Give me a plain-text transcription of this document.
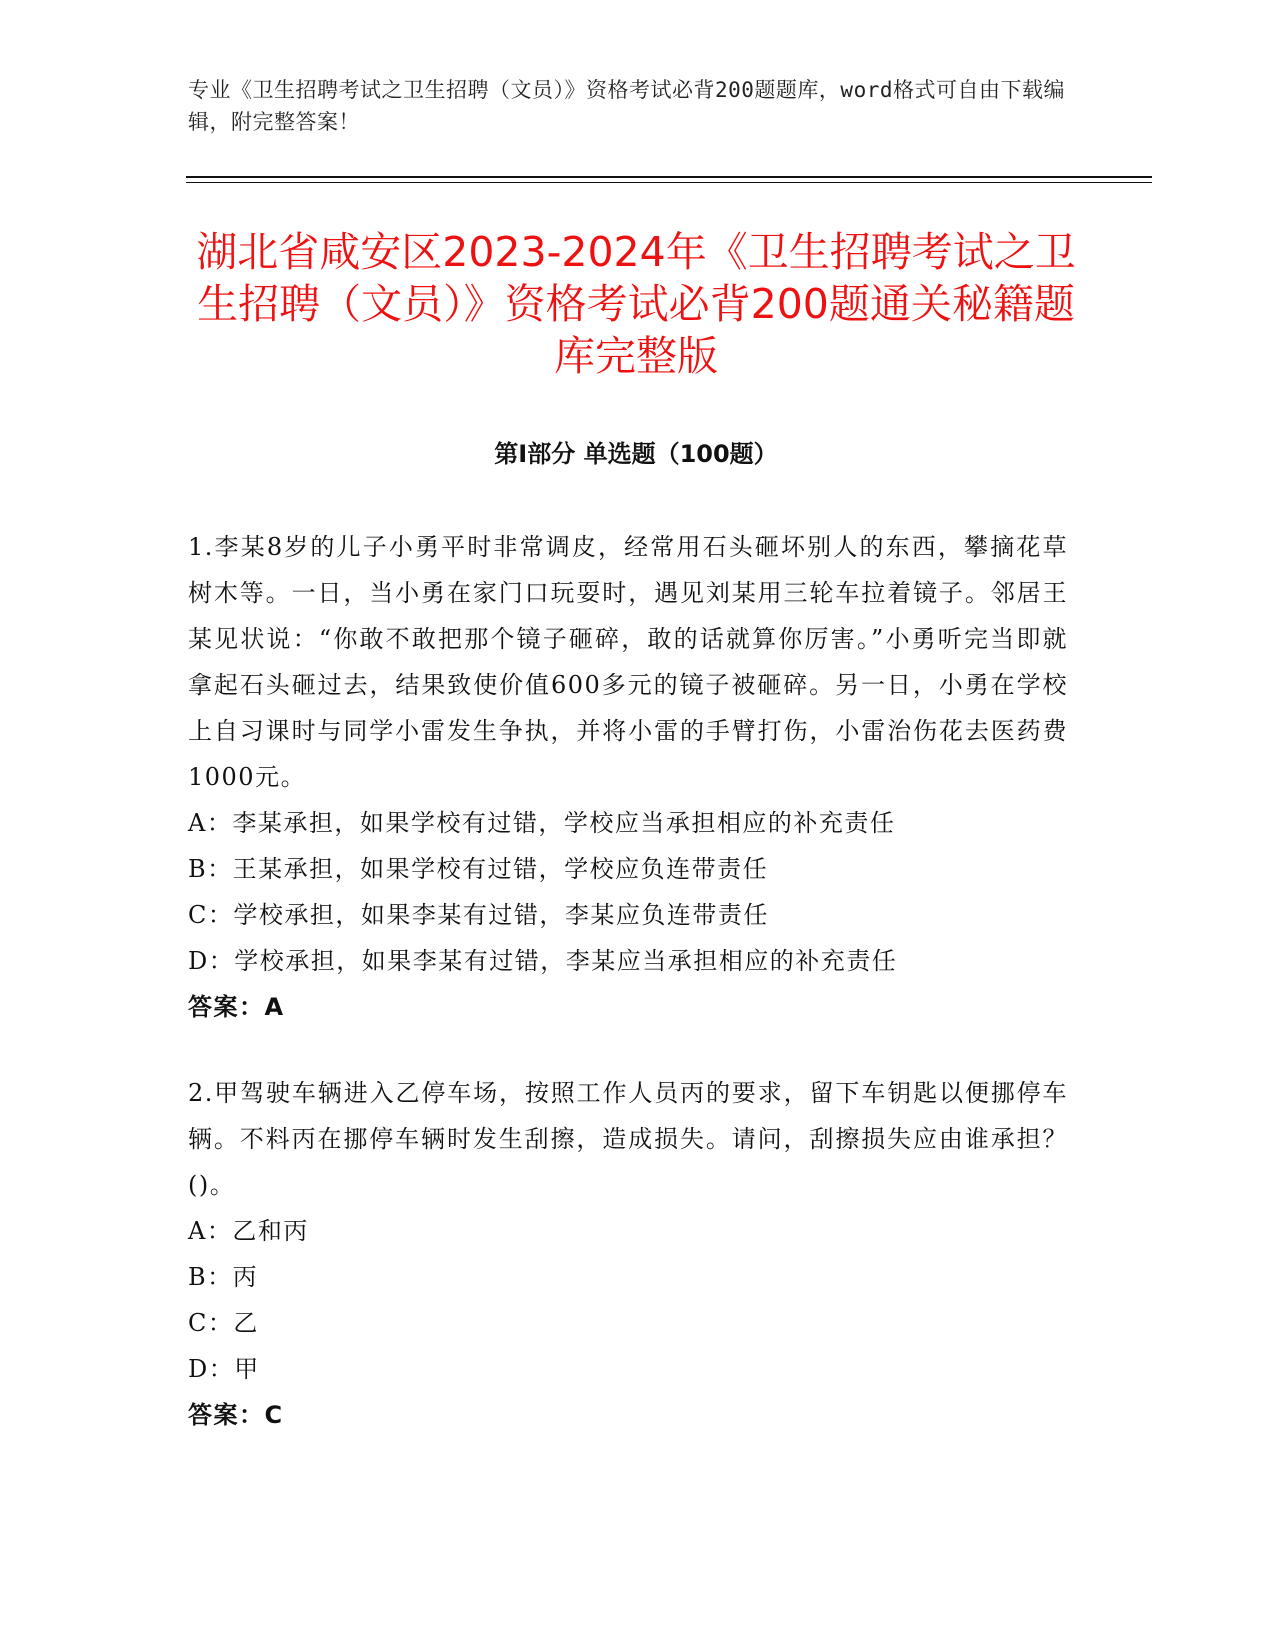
专业《卫生招聘考试之卫生招聘（文员）》资格考试必背200题题库，word格式可自由下载编辑，附完整答案！
湖北省咸安区2023-2024年《卫生招聘考试之卫生招聘（文员）》资格考试必背200题通关秘籍题库完整版
第I部分 单选题（100题）

1.李某8岁的儿子小勇平时非常调皮，经常用石头砸坏别人的东西，攀摘花草树木等。一日，当小勇在家门口玩耍时，遇见刘某用三轮车拉着镜子。邻居王某见状说：“你敢不敢把那个镜子砸碎，敢的话就算你厉害。”小勇听完当即就拿起石头砸过去，结果致使价值600多元的镜子被砸碎。另一日，小勇在学校上自习课时与同学小雷发生争执，并将小雷的手臂打伤，小雷治伤花去医药费1000元。

A：李某承担，如果学校有过错，学校应当承担相应的补充责任

B：王某承担，如果学校有过错，学校应负连带责任

C：学校承担，如果李某有过错，李某应负连带责任

D：学校承担，如果李某有过错，李某应当承担相应的补充责任

答案：A

2.甲驾驶车辆进入乙停车场，按照工作人员丙的要求，留下车钥匙以便挪停车辆。不料丙在挪停车辆时发生刮擦，造成损失。请问，刮擦损失应由谁承担？()。

A：乙和丙

B：丙

C：乙

D：甲

答案：C
